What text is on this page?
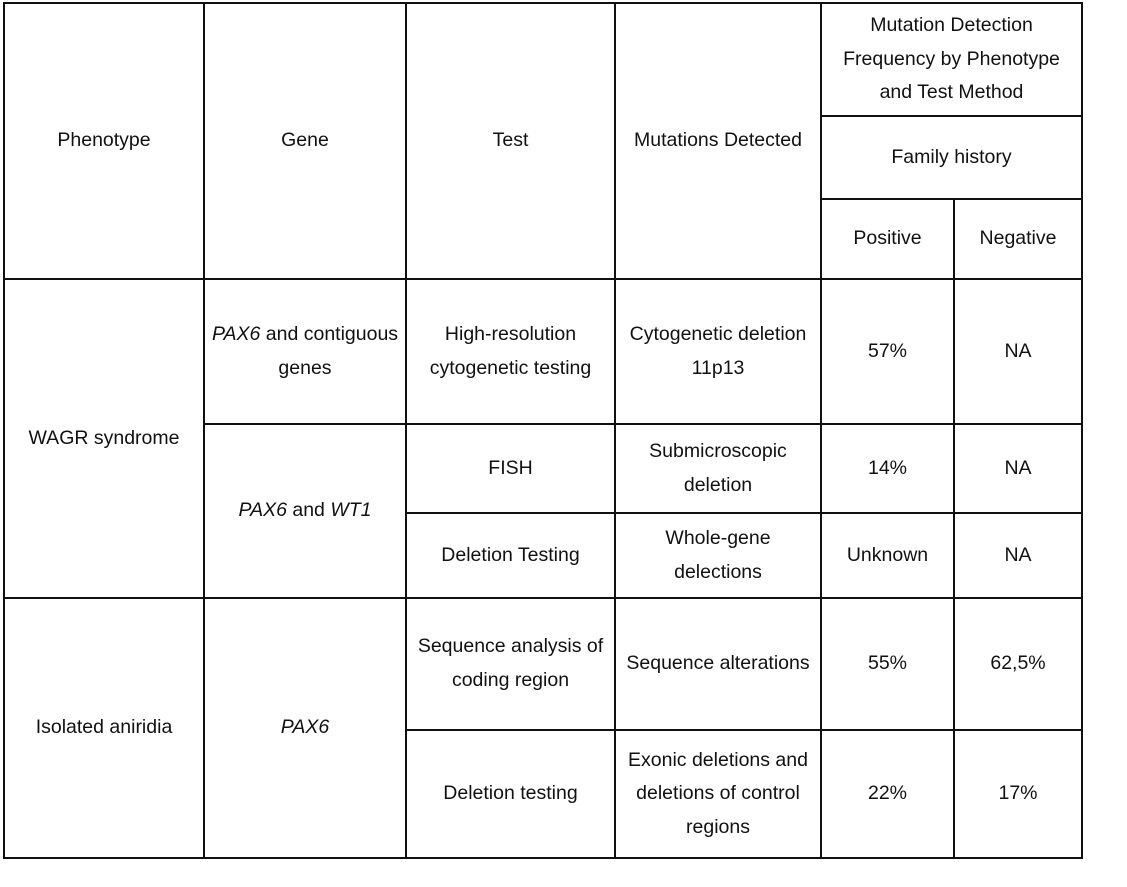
Phenotype	Gene	Test	Mutations Detected	Mutation Detection Frequency by Phenotype and Test Method	
				Family history	
				Positive	Negative
WAGR syndrome	PAX6 and contiguous genes	High-resolution cytogenetic testing	Cytogenetic deletion 11p13	57%	NA
	PAX6 and WT1	FISH	Submicroscopic deletion	14%	NA
		Deletion Testing	Whole-gene delections	Unknown	NA
Isolated aniridia	PAX6	Sequence analysis of coding region	Sequence alterations	55%	62,5%
		Deletion testing	Exonic deletions and deletions of control regions	22%	17%
